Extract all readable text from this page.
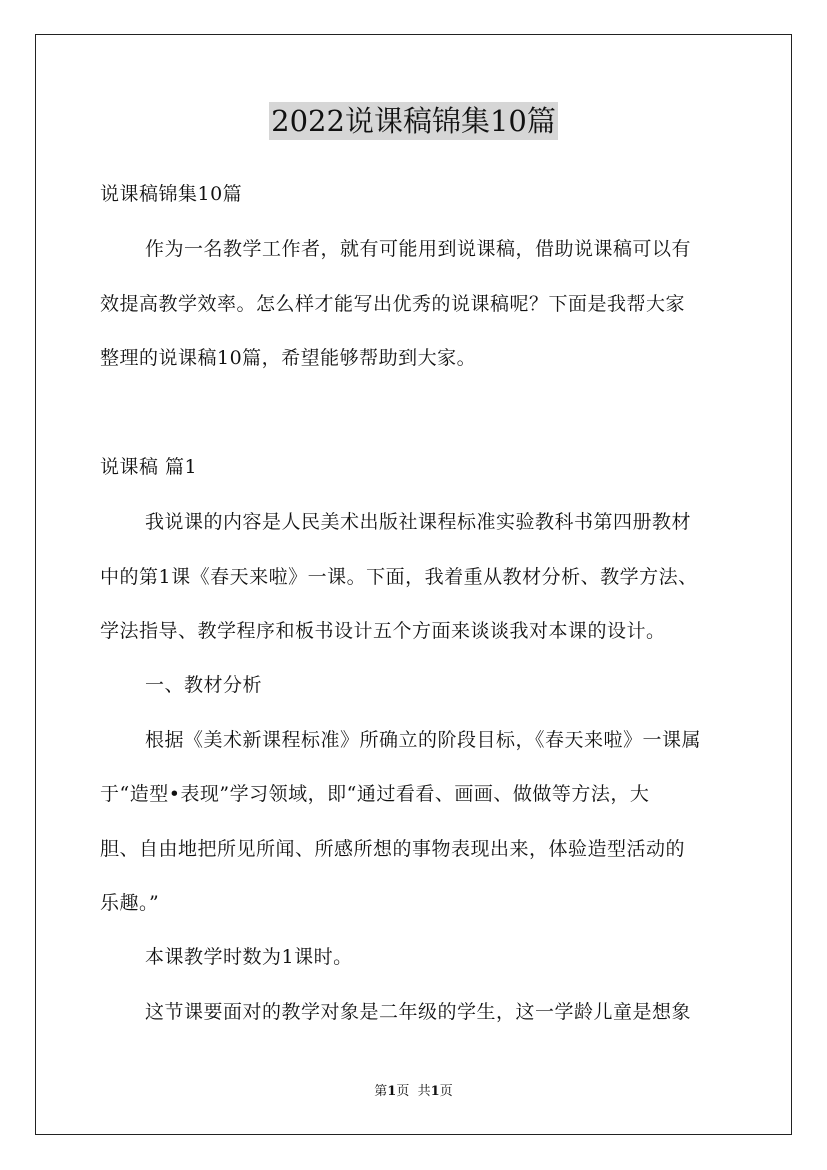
2022说课稿锦集10篇
说课稿锦集10篇
作为一名教学工作者，就有可能用到说课稿，借助说课稿可以有
效提高教学效率。怎么样才能写出优秀的说课稿呢？下面是我帮大家
整理的说课稿10篇，希望能够帮助到大家。
说课稿 篇1
我说课的内容是人民美术出版社课程标准实验教科书第四册教材
中的第1课《春天来啦》一课。下面，我着重从教材分析、教学方法、
学法指导、教学程序和板书设计五个方面来谈谈我对本课的设计。
一、教材分析
根据《美术新课程标准》所确立的阶段目标，《春天来啦》一课属
于“造型•表现”学习领域，即“通过看看、画画、做做等方法，大
胆、自由地把所见所闻、所感所想的事物表现出来，体验造型活动的
乐趣。”
本课教学时数为1课时。
这节课要面对的教学对象是二年级的学生，这一学龄儿童是想象
第1页 共1页
